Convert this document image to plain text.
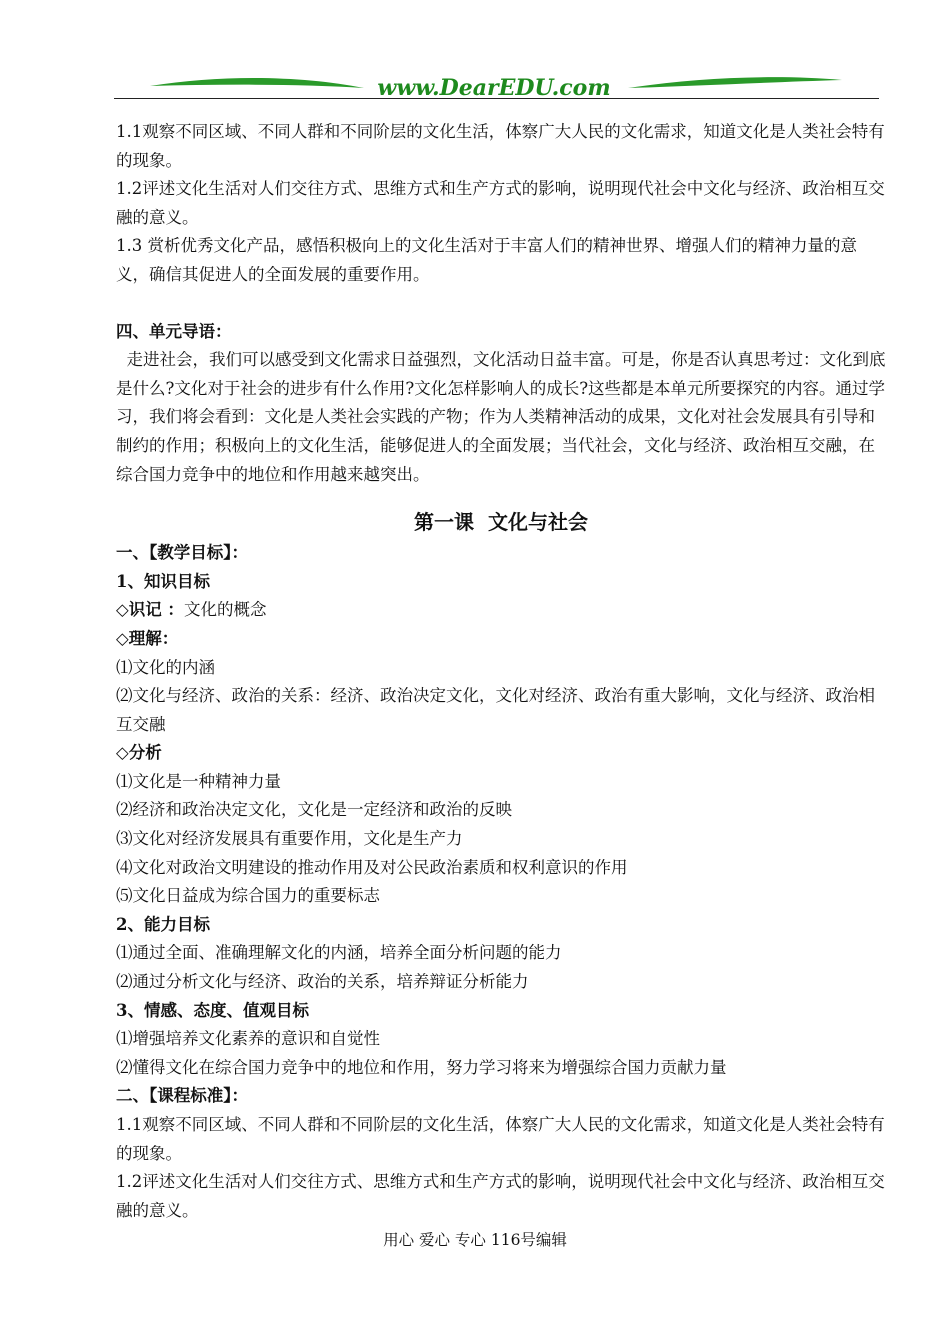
www.DearEDU.com

1.1观察不同区域、不同人群和不同阶层的文化生活，体察广大人民的文化需求，知道文化是人类社会特有的现象。

1.2评述文化生活对人们交往方式、思维方式和生产方式的影响，说明现代社会中文化与经济、政治相互交融的意义。

1.3 赏析优秀文化产品，感悟积极向上的文化生活对于丰富人们的精神世界、增强人们的精神力量的意义，确信其促进人的全面发展的重要作用。

四、单元导语：

走进社会，我们可以感受到文化需求日益强烈，文化活动日益丰富。可是，你是否认真思考过：文化到底是什么?文化对于社会的进步有什么作用?文化怎样影响人的成长?这些都是本单元所要探究的内容。通过学习，我们将会看到：文化是人类社会实践的产物；作为人类精神活动的成果，文化对社会发展具有引导和制约的作用；积极向上的文化生活，能够促进人的全面发展；当代社会，文化与经济、政治相互交融，在综合国力竞争中的地位和作用越来越突出。

第一课  文化与社会

一、【教学目标】：

1、知识目标

◇识记 ：文化的概念

◇理解：

⑴文化的内涵

⑵文化与经济、政治的关系：经济、政治决定文化，文化对经济、政治有重大影响，文化与经济、政治相互交融

◇分析

⑴文化是一种精神力量

⑵经济和政治决定文化，文化是一定经济和政治的反映

⑶文化对经济发展具有重要作用，文化是生产力

⑷文化对政治文明建设的推动作用及对公民政治素质和权利意识的作用

⑸文化日益成为综合国力的重要标志

2、能力目标

⑴通过全面、准确理解文化的内涵，培养全面分析问题的能力

⑵通过分析文化与经济、政治的关系，培养辩证分析能力

3、情感、态度、值观目标

⑴增强培养文化素养的意识和自觉性

⑵懂得文化在综合国力竞争中的地位和作用，努力学习将来为增强综合国力贡献力量

二、【课程标准】：

1.1观察不同区域、不同人群和不同阶层的文化生活，体察广大人民的文化需求，知道文化是人类社会特有的现象。

1.2评述文化生活对人们交往方式、思维方式和生产方式的影响，说明现代社会中文化与经济、政治相互交融的意义。

用心 爱心 专心 116号编辑
